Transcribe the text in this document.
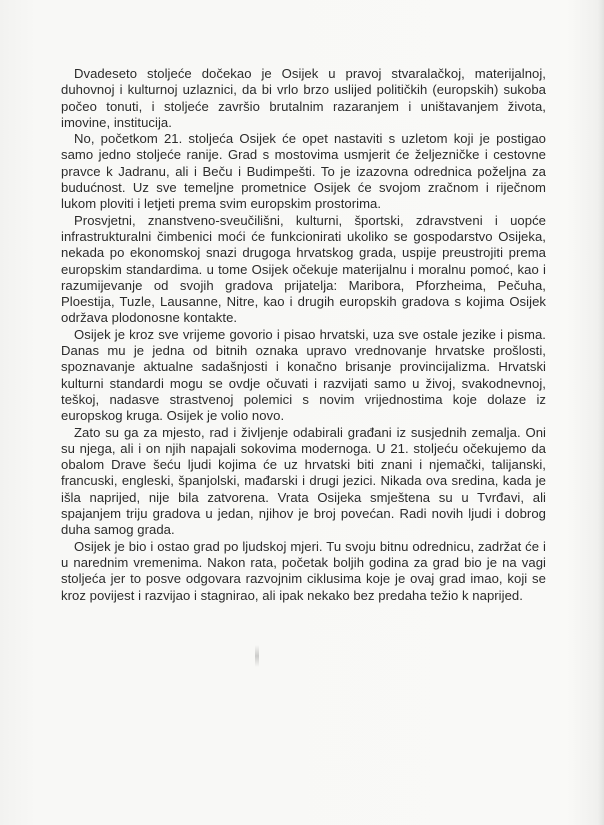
Dvadeseto stoljeće dočekao je Osijek u pravoj stvaralačkoj, materijalnoj, duhovnoj i kulturnoj uzlaznici, da bi vrlo brzo uslijed političkih (europskih) sukoba počeo tonuti, i stoljeće završio brutalnim razaranjem i uništavanjem života, imovine, institucija.

No, početkom 21. stoljeća Osijek će opet nastaviti s uzletom koji je postigao samo jedno stoljeće ranije. Grad s mostovima usmjerit će željezničke i cestovne pravce k Jadranu, ali i Beču i Budimpešti. To je izazovna odrednica poželjna za budućnost. Uz sve temeljne prometnice Osijek će svojom zračnom i riječnom lukom ploviti i letjeti prema svim europskim prostorima.

Prosvjetni, znanstveno-sveučilišni, kulturni, športski, zdravstveni i uopće infrastrukturalni čimbenici moći će funkcionirati ukoliko se gospodarstvo Osijeka, nekada po ekonomskoj snazi drugoga hrvatskog grada, uspije preustrojiti prema europskim standardima. u tome Osijek očekuje materijalnu i moralnu pomoć, kao i razumijevanje od svojih gradova prijatelja: Maribora, Pforzheima, Pečuha, Ploestija, Tuzle, Lausanne, Nitre, kao i drugih europskih gradova s kojima Osijek održava plodonosne kontakte.

Osijek je kroz sve vrijeme govorio i pisao hrvatski, uza sve ostale jezike i pisma. Danas mu je jedna od bitnih oznaka upravo vrednovanje hrvatske prošlosti, spoznavanje aktualne sadašnjosti i konačno brisanje provincijalizma. Hrvatski kulturni standardi mogu se ovdje očuvati i razvijati samo u živoj, svakodnevnoj, teškoj, nadasve strastvenoj polemici s novim vrijednostima koje dolaze iz europskog kruga. Osijek je volio novo.

Zato su ga za mjesto, rad i življenje odabirali građani iz susjednih zemalja. Oni su njega, ali i on njih napajali sokovima modernoga. U 21. stoljeću očekujemo da obalom Drave šeću ljudi kojima će uz hrvatski biti znani i njemački, talijanski, francuski, engleski, španjolski, mađarski i drugi jezici. Nikada ova sredina, kada je išla naprijed, nije bila zatvorena. Vrata Osijeka smještena su u Tvrđavi, ali spajanjem triju gradova u jedan, njihov je broj povećan. Radi novih ljudi i dobrog duha samog grada.

Osijek je bio i ostao grad po ljudskoj mjeri. Tu svoju bitnu odrednicu, zadržat će i u narednim vremenima. Nakon rata, početak boljih godina za grad bio je na vagi stoljeća jer to posve odgovara razvojnim ciklusima koje je ovaj grad imao, koji se kroz povijest i razvijao i stagnirao, ali ipak nekako bez predaha težio k naprijed.
